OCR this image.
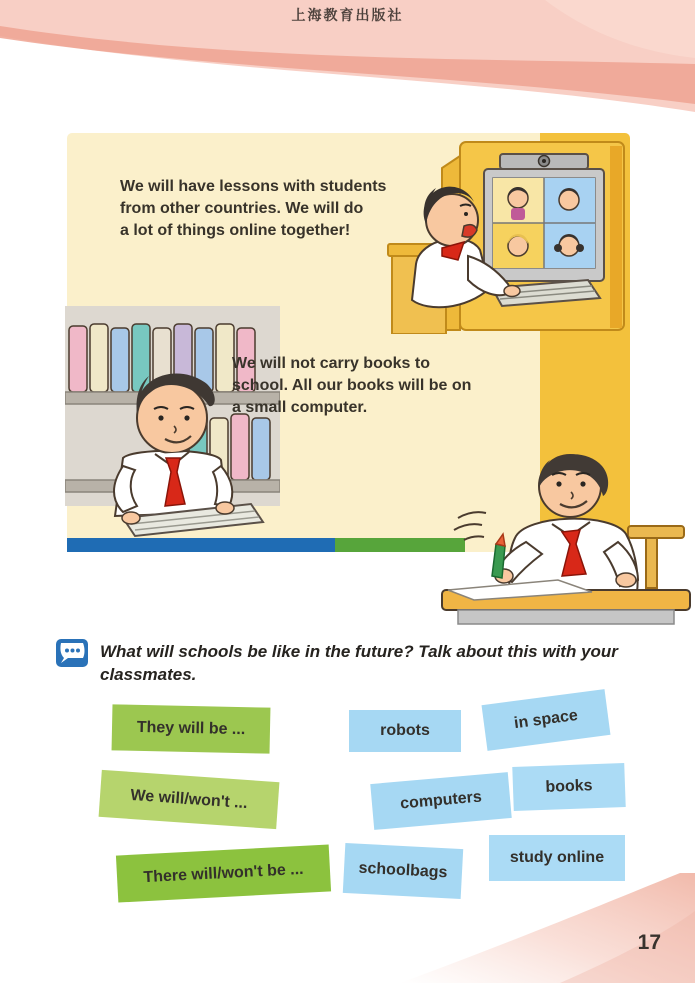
上海教育出版社
We will have lessons with students
from other countries. We will do
a lot of things online together!
We will not carry books to
school. All our books will be on
a small computer.
What will schools be like in the future? Talk about this with your
classmates.
They will be ...
We will/won't ...
There will/won't be ...
robots	in space
computers
books
schoolbags
study online
17
